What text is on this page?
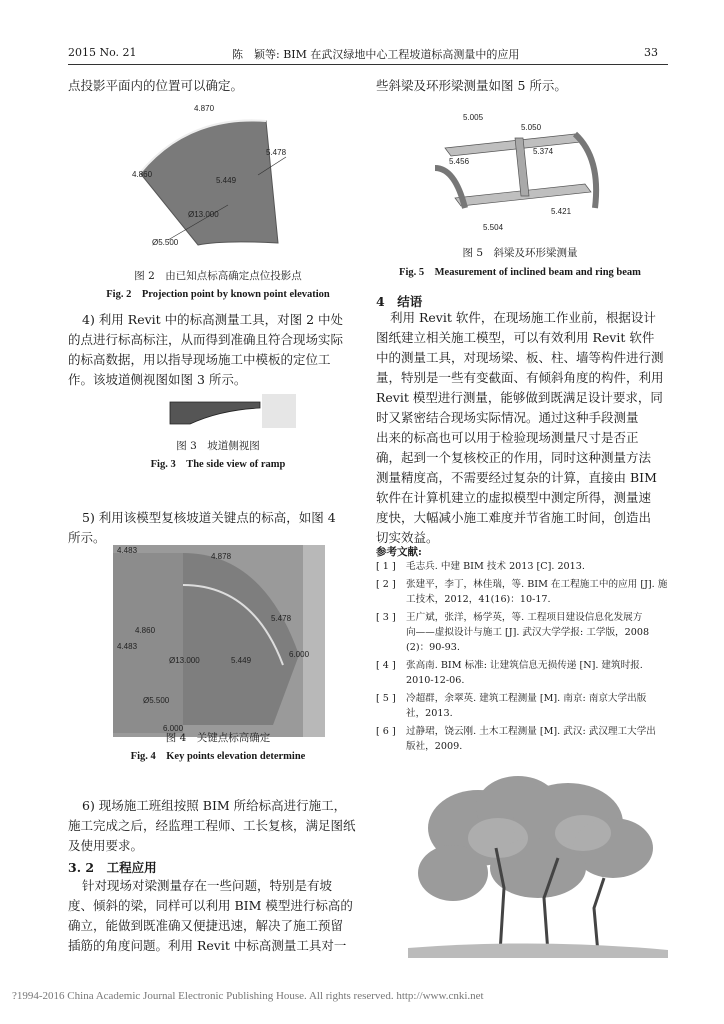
2015 No. 21	陈　颖等: BIM 在武汉绿地中心工程坡道标高测量中的应用	33
点投影平面内的位置可以确定。
4.870
5.478
5.449
4.860
Ø13.000
Ø5.500
图 2　由已知点标高确定点位投影点
Fig. 2　Projection point by known point elevation
4) 利用 Revit 中的标高测量工具，对图 2 中处
的点进行标高标注，从而得到准确且符合现场实际
的标高数据，用以指导现场施工中模板的定位工
作。该坡道侧视图如图 3 所示。
图 3　坡道侧视图
Fig. 3　The side view of ramp
5) 利用该模型复核坡道关键点的标高，如图 4
所示。
4.483
4.878
5.478
4.860
4.483
Ø13.000	5.449
Ø5.500
6.000
6.000
图 4　关键点标高确定
Fig. 4　Key points elevation determine
6) 现场施工班组按照 BIM 所给标高进行施工，
施工完成之后，经监理工程师、工长复核，满足图纸
及使用要求。
3. 2　工程应用
针对现场对梁测量存在一些问题，特别是有坡
度、倾斜的梁，同样可以利用 BIM 模型进行标高的
确立，能做到既准确又便捷迅速，解决了施工预留
插筋的角度问题。利用 Revit 中标高测量工具对一
些斜梁及环形梁测量如图 5 所示。
5.005
5.050
5.374
5.456
5.421
5.504
图 5　斜梁及环形梁测量
Fig. 5　Measurement of inclined beam and ring beam
4　结语
利用 Revit 软件，在现场施工作业前，根据设计
图纸建立相关施工模型，可以有效利用 Revit 软件
中的测量工具，对现场梁、板、柱、墙等构件进行测
量，特别是一些有变截面、有倾斜角度的构件，利用
Revit 模型进行测量，能够做到既满足设计要求，同
时又紧密结合现场实际情况。通过这种手段测量
出来的标高也可以用于检验现场测量尺寸是否正
确，起到一个复核校正的作用，同时这种测量方法
测量精度高，不需要经过复杂的计算，直接由 BIM
软件在计算机建立的虚拟模型中测定所得，测量速
度快，大幅减小施工难度并节省施工时间，创造出
切实效益。
参考文献:
[ 1 ] 毛志兵. 中建 BIM 技术 2013 [C]. 2013.
[ 2 ] 张建平，李丁，林佳瑞，等. BIM 在工程施工中的应用 [J]. 施
工技术，2012，41(16)：10-17.
[ 3 ] 王广斌，张洋，杨学英，等. 工程项目建设信息化发展方
向——虚拟设计与施工 [J]. 武汉大学学报: 工学版，2008
(2)：90-93.
[ 4 ] 张高南. BIM 标准: 让建筑信息无损传递 [N]. 建筑时报.
2010-12-06.
[ 5 ] 冷超群，余翠英. 建筑工程测量 [M]. 南京: 南京大学出版
社，2013.
[ 6 ] 过静珺，饶云刚. 土木工程测量 [M]. 武汉: 武汉理工大学出
版社，2009.
?1994-2016 China Academic Journal Electronic Publishing House. All rights reserved. http://www.cnki.net
